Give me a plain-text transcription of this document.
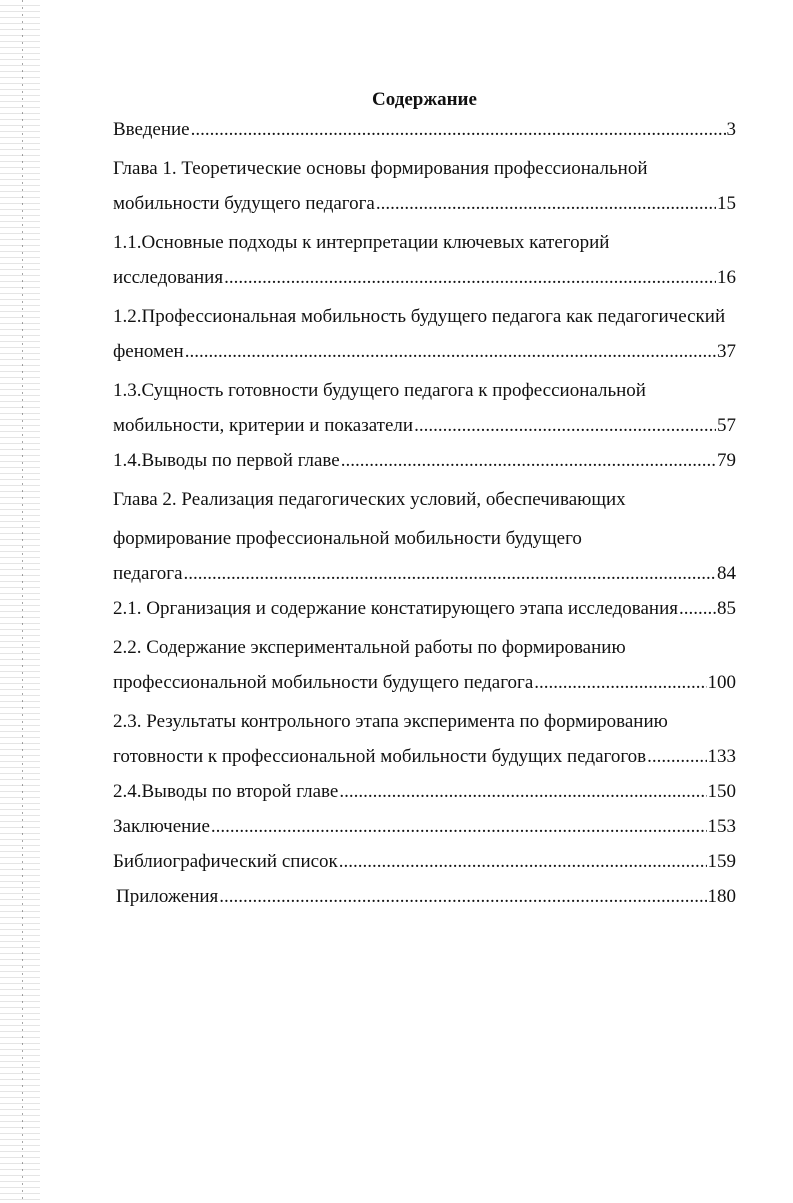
Содержание
Введение .....	3
Глава 1. Теоретические основы формирования профессиональной
мобильности будущего педагога .....	15
1.1.Основные подходы к интерпретации ключевых категорий
исследования .....	16
1.2.Профессиональная мобильность будущего педагога как педагогический
феномен .....	37
1.3.Сущность готовности будущего педагога к профессиональной
мобильности, критерии и показатели .....	57
1.4.Выводы по первой главе .....	79
Глава 2. Реализация педагогических условий, обеспечивающих
формирование профессиональной мобильности будущего
педагога .....	84
2.1. Организация и содержание констатирующего этапа исследования ..... 85
2.2. Содержание экспериментальной работы по формированию
профессиональной мобильности будущего педагога .....	100
2.3. Результаты контрольного этапа эксперимента по формированию
готовности к профессиональной мобильности будущих педагогов .....	133
2.4.Выводы по второй главе .....	150
Заключение .....	153
Библиографический список .....	159
Приложения .....	180
